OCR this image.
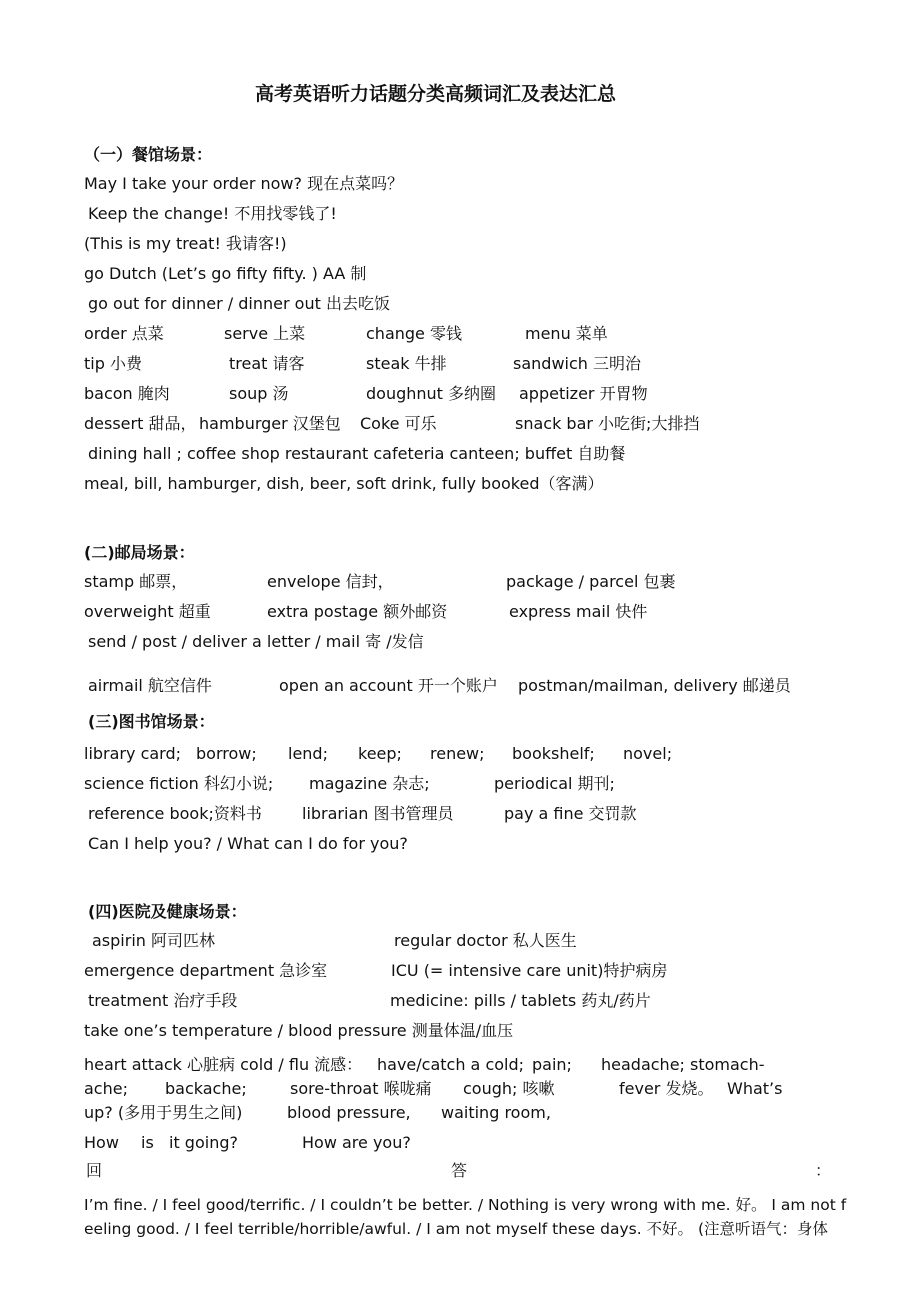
高考英语听力话题分类高频词汇及表达汇总
（一）餐馆场景：
May I take your order now? 现在点菜吗？
Keep the change! 不用找零钱了!
(This is my treat! 我请客!)
go Dutch (Let’s go fifty fifty. ) AA 制
go out for dinner / dinner out 出去吃饭
order 点菜	serve 上菜	change 零钱	menu 菜单
tip 小费	treat 请客	steak 牛排	sandwich 三明治
bacon 腌肉	soup 汤	doughnut 多纳圈 appetizer 开胃物
dessert 甜品， hamburger 汉堡包 Coke 可乐	snack bar 小吃街;大排挡
dining hall ; coffee shop restaurant cafeteria canteen; buffet 自助餐
meal, bill, hamburger, dish, beer, soft drink, fully booked（客满）
(二)邮局场景：
stamp 邮票，	envelope 信封，	package / parcel 包裹
overweight 超重	extra postage 额外邮资	express mail 快件
send / post / deliver a letter / mail 寄 /发信
airmail 航空信件	open an account 开一个账户 postman/mailman, delivery 邮递员
(三)图书馆场景：
library card; borrow; lend; keep; renew; bookshelf; novel;
science fiction 科幻小说; magazine 杂志;	periodical 期刊;
reference book;资料书	librarian 图书管理员	pay a fine 交罚款
Can I help you? / What can I do for you?
(四)医院及健康场景：
aspirin 阿司匹林	regular doctor 私人医生
emergence department 急诊室	ICU (= intensive care unit)特护病房
treatment 治疗手段	medicine: pills / tablets 药丸/药片
take one’s temperature / blood pressure 测量体温/血压
heart attack 心脏病 cold / flu 流感： have/catch a cold; pain; headache; stomach-
ache; backache;	sore-throat 喉咙痛 cough; 咳嗽	fever 发烧。 What’s
up? (多用于男生之间)	blood pressure, waiting room,
How is it going?	How are you?
回	答	：
I’m fine. / I feel good/terrific. / I couldn’t be better. / Nothing is very wrong with me. 好。 I am not f
eeling good. / I feel terrible/horrible/awful. / I am not myself these days. 不好。 (注意听语气：身体
